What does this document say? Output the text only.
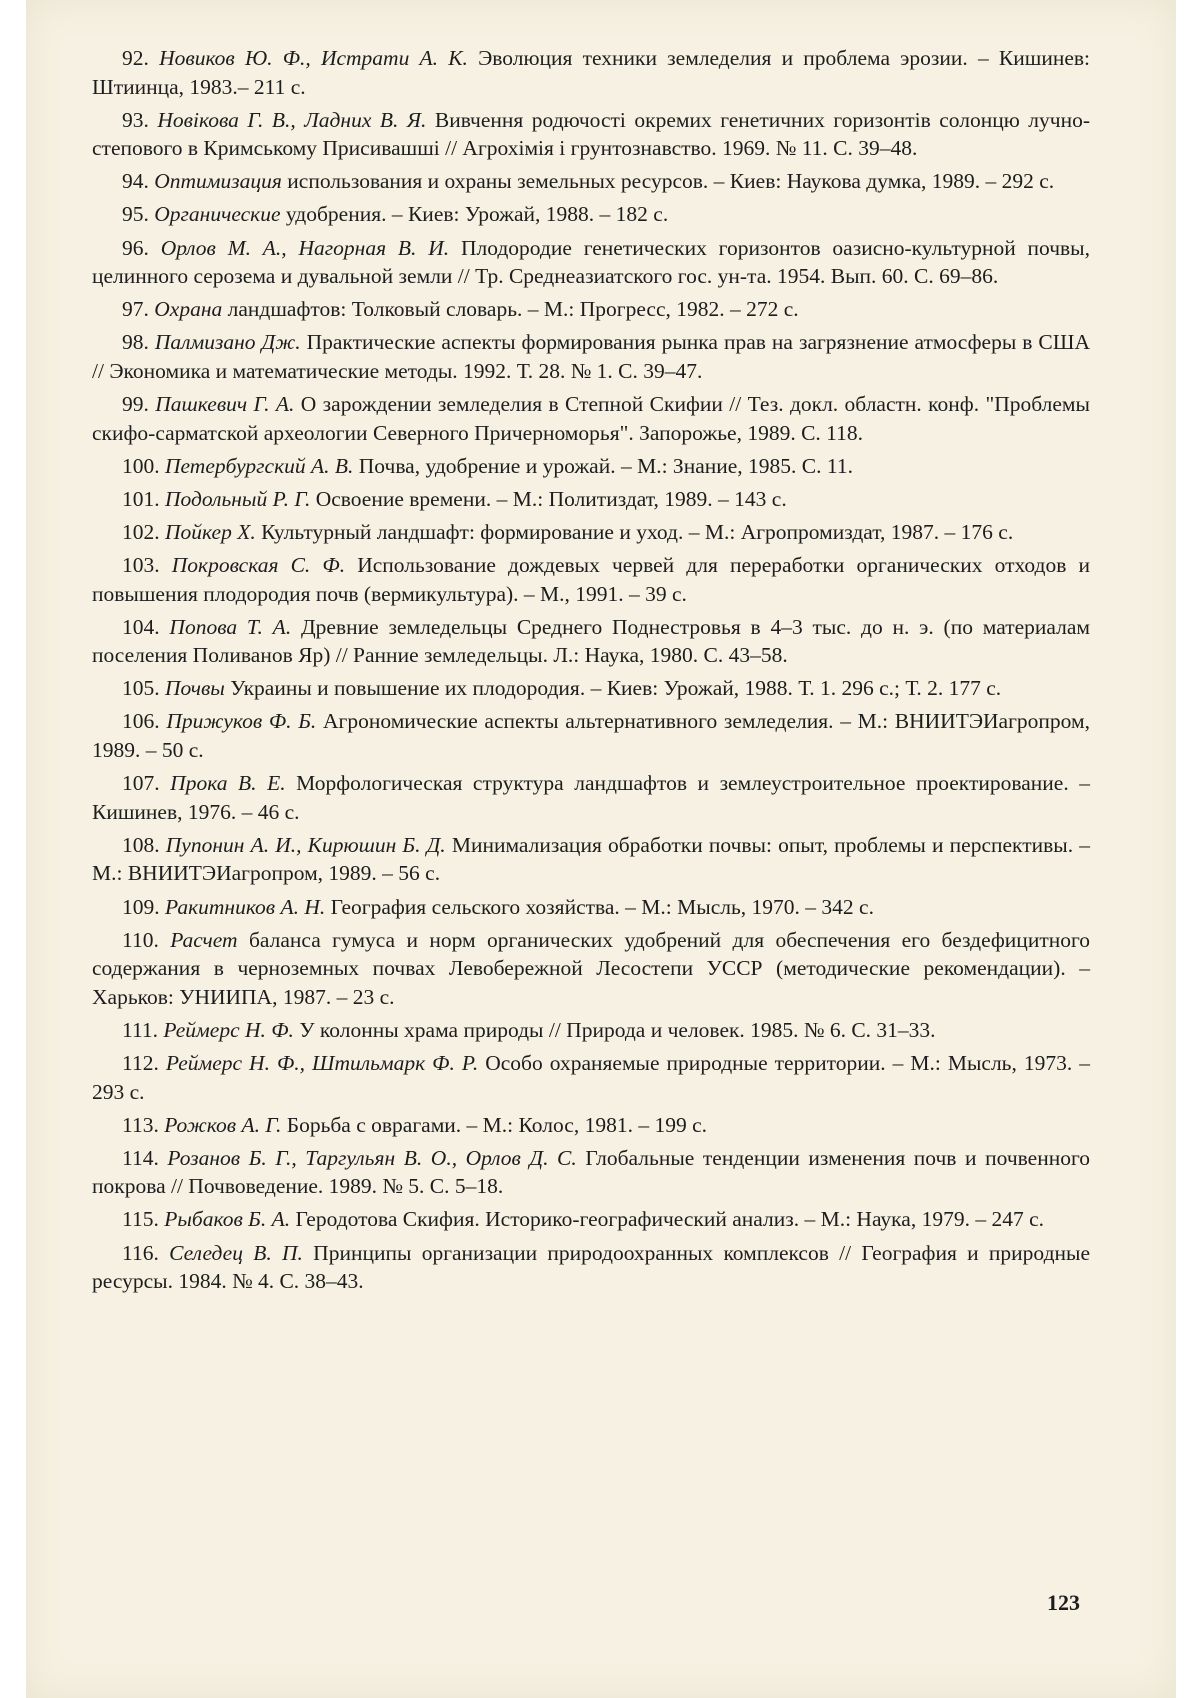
92. Новиков Ю. Ф., Истрати А. К. Эволюция техники земледелия и проблема эрозии. – Кишинев: Штиинца, 1983.– 211 с.

93. Новікова Г. В., Ладних В. Я. Вивчення родючості окремих генетичних горизонтів солонцю лучно-степового в Кримському Присивашші // Агрохімія і грунтознавство. 1969. № 11. С. 39–48.

94. Оптимизация использования и охраны земельных ресурсов. – Киев: Наукова думка, 1989. – 292 с.

95. Органические удобрения. – Киев: Урожай, 1988. – 182 с.

96. Орлов М. А., Нагорная В. И. Плодородие генетических горизонтов оазисно-культурной почвы, целинного серозема и дувальной земли // Тр. Среднеазиатского гос. ун-та. 1954. Вып. 60. С. 69–86.

97. Охрана ландшафтов: Толковый словарь. – М.: Прогресс, 1982. – 272 с.

98. Палмизано Дж. Практические аспекты формирования рынка прав на загрязнение атмосферы в США // Экономика и математические методы. 1992. Т. 28. № 1. С. 39–47.

99. Пашкевич Г. А. О зарождении земледелия в Степной Скифии // Тез. докл. областн. конф. "Проблемы скифо-сарматской археологии Северного Причерноморья". Запорожье, 1989. С. 118.

100. Петербургский А. В. Почва, удобрение и урожай. – М.: Знание, 1985. С. 11.

101. Подольный Р. Г. Освоение времени. – М.: Политиздат, 1989. – 143 с.

102. Пойкер Х. Культурный ландшафт: формирование и уход. – М.: Агропромиздат, 1987. – 176 с.

103. Покровская С. Ф. Использование дождевых червей для переработки органических отходов и повышения плодородия почв (вермикультура). – М., 1991. – 39 с.

104. Попова Т. А. Древние земледельцы Среднего Поднестровья в 4–3 тыс. до н. э. (по материалам поселения Поливанов Яр) // Ранние земледельцы. Л.: Наука, 1980. С. 43–58.

105. Почвы Украины и повышение их плодородия. – Киев: Урожай, 1988. Т. 1. 296 с.; Т. 2. 177 с.

106. Прижуков Ф. Б. Агрономические аспекты альтернативного земледелия. – М.: ВНИИТЭИагропром, 1989. – 50 с.

107. Прока В. Е. Морфологическая структура ландшафтов и землеустроительное проектирование. – Кишинев, 1976. – 46 с.

108. Пупонин А. И., Кирюшин Б. Д. Минимализация обработки почвы: опыт, проблемы и перспективы. – М.: ВНИИТЭИагропром, 1989. – 56 с.

109. Ракитников А. Н. География сельского хозяйства. – М.: Мысль, 1970. – 342 с.

110. Расчет баланса гумуса и норм органических удобрений для обеспечения его бездефицитного содержания в черноземных почвах Левобережной Лесостепи УССР (методические рекомендации). – Харьков: УНИИПА, 1987. – 23 с.

111. Реймерс Н. Ф. У колонны храма природы // Природа и человек. 1985. № 6. С. 31–33.

112. Реймерс Н. Ф., Штильмарк Ф. Р. Особо охраняемые природные территории. – М.: Мысль, 1973. – 293 с.

113. Рожков А. Г. Борьба с оврагами. – М.: Колос, 1981. – 199 с.

114. Розанов Б. Г., Таргульян В. О., Орлов Д. С. Глобальные тенденции изменения почв и почвенного покрова // Почвоведение. 1989. № 5. С. 5–18.

115. Рыбаков Б. А. Геродотова Скифия. Историко-географический анализ. – М.: Наука, 1979. – 247 с.

116. Селедец В. П. Принципы организации природоохранных комплексов // География и природные ресурсы. 1984. № 4. С. 38–43.

123
